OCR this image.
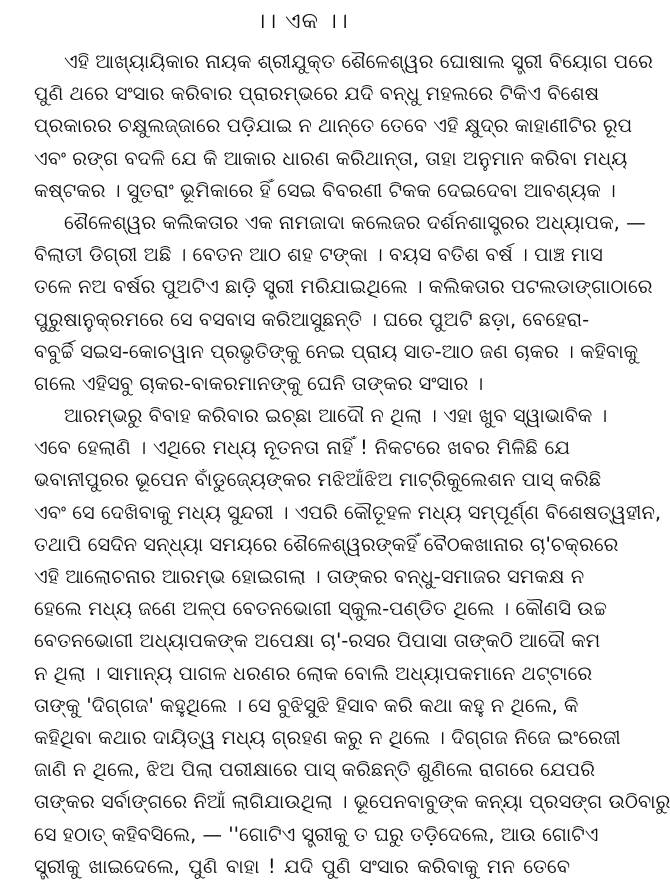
।। ଏକ ।।
ଏହି ଆଖ୍ୟାୟିକାର ନାୟକ ଶ୍ରୀଯୁକ୍ତ ଶୈଳେଶ୍ୱର ଘୋଷାଲ ସ୍ତ୍ରୀ ବିୟୋଗ ପରେ
ପୁଣି ଥରେ ସଂସାର କରିବାର ପ୍ରାରମ୍ଭରେ ଯଦି ବନ୍ଧୁ ମହଲରେ ଟିକିଏ ବିଶେଷ
ପ୍ରକାରର ଚକ୍ଷୁଲଜ୍ଜାରେ ପଡ଼ିଯାଇ ନ ଥାନ୍ତେ ତେବେ ଏହି କ୍ଷୁଦ୍ର କାହାଣୀଟିର ରୂପ
ଏବଂ ରଙ୍ଗ ବଦଳି ଯେ କି ଆକାର ଧାରଣ କରିଥାନ୍ତା, ତାହା ଅନୁମାନ କରିବା ମଧ୍ୟ
କଷ୍ଟକର । ସୁତରାଂ ଭୂମିକାରେ ହିଁ ସେଇ ବିବରଣୀ ଟିକକ ଦେଇଦେବା ଆବଶ୍ୟକ ।
ଶୈଳେଶ୍ୱର କଲିକତାର ଏକ ନାମଜାଦା କଲେଜର ଦର୍ଶନଶାସ୍ତ୍ରର ଅଧ୍ୟାପକ, —
ବିଲାତୀ ଡିଗ୍ରୀ ଅଛି । ବେତନ ଆଠ ଶହ ଟଙ୍କା । ବୟସ ବତିଶ ବର୍ଷ । ପାଞ୍ଚ ମାସ
ତଳେ ନଅ ବର୍ଷର ପୁଅଟିଏ ଛାଡ଼ି ସ୍ତ୍ରୀ ମରିଯାଇଥିଲେ । କଲିକତାର ପଟଲଡାଙ୍ଗାଠାରେ
ପୁରୁଷାନୁକ୍ରମରେ ସେ ବସବାସ କରିଆସୁଛନ୍ତି । ଘରେ ପୁଅଟି ଛଡ଼ା, ବେହେରା-
ବବୁର୍ଚ୍ଚି ସଇସ-କୋଚୱାନ ପ୍ରଭୃତିଙ୍କୁ ନେଇ ପ୍ରାୟ ସାତ-ଆଠ ଜଣ ଚାକର । କହିବାକୁ
ଗଲେ ଏହିସବୁ ଚାକର-ବାକରମାନଙ୍କୁ ଘେନି ତାଙ୍କର ସଂସାର ।
ଆରମ୍ଭରୁ ବିବାହ କରିବାର ଇଚ୍ଛା ଆଦୌ ନ ଥିଲା । ଏହା ଖୁବ ସ୍ୱାଭାବିକ ।
ଏବେ ହେଲାଣି । ଏଥିରେ ମଧ୍ୟ ନୂତନତା ନାହିଁ ! ନିକଟରେ ଖବର ମିଳିଛି ଯେ
ଭବାନୀପୁରର ଭୂପେନ ବାଁଡୁଜ୍ୟେଙ୍କର ମଝିଆଁଝିଅ ମାଟ୍ରିକୁଲେଶନ ପାସ୍ କରିଛି
ଏବଂ ସେ ଦେଖିବାକୁ ମଧ୍ୟ ସୁନ୍ଦରୀ । ଏପରି କୌତୂହଳ ମଧ୍ୟ ସମ୍ପୂର୍ଣ୍ଣ ବିଶେଷତ୍ୱହୀନ,
ତଥାପି ସେଦିନ ସନ୍ଧ୍ୟା ସମୟରେ ଶୈଳେଶ୍ୱରଙ୍କହିଁ ବୈଠକଖାନାର ଚା'ଚକ୍ରରେ
ଏହି ଆଲୋଚନାର ଆରମ୍ଭ ହୋଇଗଲା । ତାଙ୍କର ବନ୍ଧୁ-ସମାଜର ସମକକ୍ଷ ନ
ହେଲେ ମଧ୍ୟ ଜଣେ ଅଳ୍ପ ବେତନଭୋଗୀ ସ୍କୁଲ-ପଣ୍ଡିତ ଥିଲେ । କୌଣସି ଉଚ୍ଚ
ବେତନଭୋଗୀ ଅଧ୍ୟାପକଙ୍କ ଅପେକ୍ଷା ଚା'-ରସର ପିପାସା ତାଙ୍କଠି ଆଦୌ କମ
ନ ଥିଲା । ସାମାନ୍ୟ ପାଗଳ ଧରଣର ଲୋକ ବୋଲି ଅଧ୍ୟାପକମାନେ ଥଟ୍ଟାରେ
ତାଙ୍କୁ 'ଦିଗ୍‌ଗଜ' କହୁଥିଲେ । ସେ ବୁଝିସୁଝି ହିସାବ କରି କଥା କହୁ ନ ଥିଲେ, କି
କହିଥିବା କଥାର ଦାୟିତ୍ୱ ମଧ୍ୟ ଗ୍ରହଣ କରୁ ନ ଥିଲେ । ଦିଗ୍‌ଗଜ ନିଜେ ଇଂରେଜୀ
ଜାଣି ନ ଥିଲେ, ଝିଅ ପିଲା ପରୀକ୍ଷାରେ ପାସ୍ କରିଛନ୍ତି ଶୁଣିଲେ ରାଗରେ ଯେପରି
ତାଙ୍କର ସର୍ବାଙ୍ଗରେ ନିଆଁ ଲାଗିଯାଉଥିଲା । ଭୂପେନବାବୁଙ୍କ କନ୍ୟା ପ୍ରସଙ୍ଗ ଉଠିବାରୁ
ସେ ହଠାତ୍ କହିବସିଲେ, — ''ଗୋଟିଏ ସ୍ତ୍ରୀକୁ ତ ଘରୁ ତଡ଼ିଦେଲେ, ଆଉ ଗୋଟିଏ
ସ୍ତ୍ରୀକୁ ଖାଇଦେଲେ, ପୁଣି ବାହା ! ଯଦି ପୁଣି ସଂସାର କରିବାକୁ ମନ ତେବେ
